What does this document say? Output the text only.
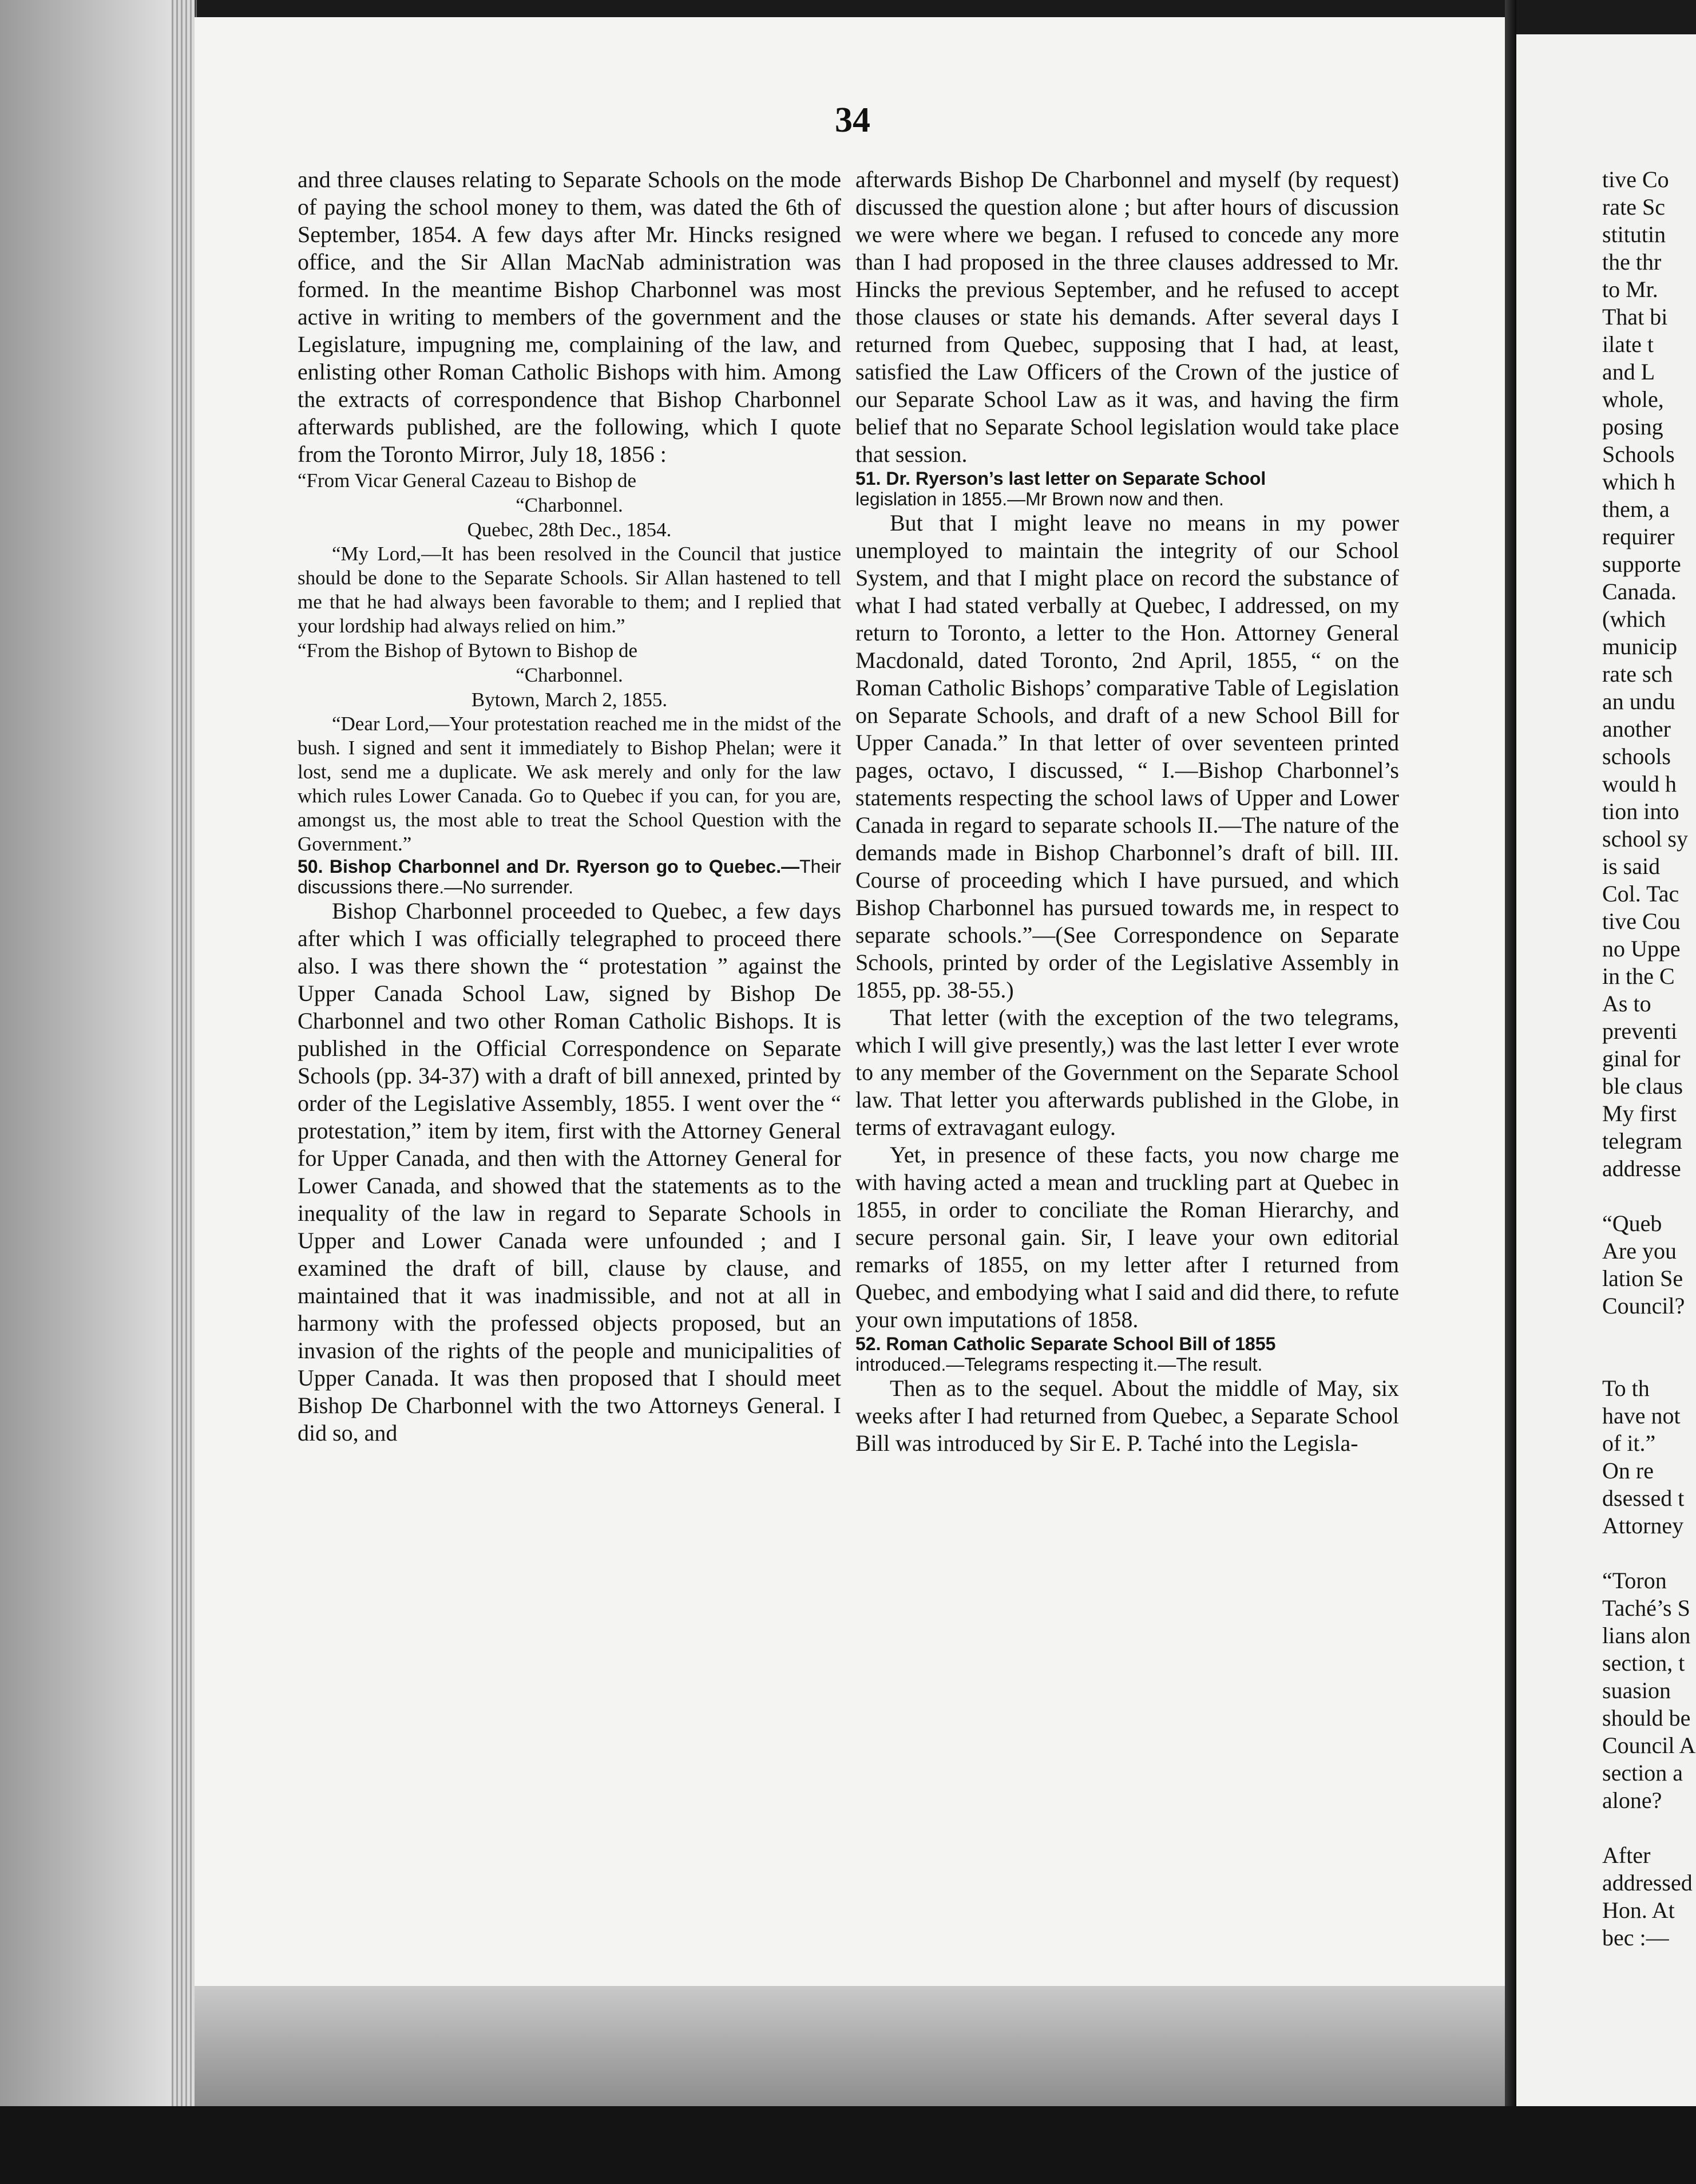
34

and three clauses relating to Separate Schools on the mode of paying the school money to them, was dated the 6th of September, 1854. A few days after Mr. Hincks resigned office, and the Sir Allan MacNab administration was formed. In the meantime Bishop Charbonnel was most active in writing to members of the government and the Legislature, impugning me, complaining of the law, and enlisting other Roman Catholic Bishops with him. Among the extracts of correspondence that Bishop Charbonnel afterwards published, are the following, which I quote from the Toronto Mirror, July 18, 1856 :

“From Vicar General Cazeau to Bishop de

“Charbonnel.

Quebec, 28th Dec., 1854.

“My Lord,—It has been resolved in the Council that justice should be done to the Separate Schools. Sir Allan hastened to tell me that he had always been favorable to them; and I replied that your lordship had always relied on him.”

“From the Bishop of Bytown to Bishop de

“Charbonnel.

Bytown, March 2, 1855.

“Dear Lord,—Your protestation reached me in the midst of the bush. I signed and sent it immediately to Bishop Phelan; were it lost, send me a duplicate. We ask merely and only for the law which rules Lower Canada. Go to Quebec if you can, for you are, amongst us, the most able to treat the School Question with the Government.”

50. Bishop Charbonnel and Dr. Ryerson go to Quebec.—Their discussions there.—No surrender.

Bishop Charbonnel proceeded to Quebec, a few days after which I was officially telegraphed to proceed there also. I was there shown the “ protestation ” against the Upper Canada School Law, signed by Bishop De Charbonnel and two other Roman Catholic Bishops. It is published in the Official Correspondence on Separate Schools (pp. 34-37) with a draft of bill annexed, printed by order of the Legislative Assembly, 1855. I went over the “ protestation,” item by item, first with the Attorney General for Upper Canada, and then with the Attorney General for Lower Canada, and showed that the statements as to the inequality of the law in regard to Separate Schools in Upper and Lower Canada were unfounded ; and I examined the draft of bill, clause by clause, and maintained that it was inadmissible, and not at all in harmony with the professed objects proposed, but an invasion of the rights of the people and municipalities of Upper Canada. It was then proposed that I should meet Bishop De Charbonnel with the two Attorneys General. I did so, and

afterwards Bishop De Charbonnel and myself (by request) discussed the question alone ; but after hours of discussion we were where we began. I refused to concede any more than I had proposed in the three clauses addressed to Mr. Hincks the previous September, and he refused to accept those clauses or state his demands. After several days I returned from Quebec, supposing that I had, at least, satisfied the Law Officers of the Crown of the justice of our Separate School Law as it was, and having the firm belief that no Separate School legislation would take place that session.

51. Dr. Ryerson’s last letter on Separate School
legislation in 1855.—Mr Brown now and then.

But that I might leave no means in my power unemployed to maintain the integrity of our School System, and that I might place on record the substance of what I had stated verbally at Quebec, I addressed, on my return to Toronto, a letter to the Hon. Attorney General Macdonald, dated Toronto, 2nd April, 1855, “ on the Roman Catholic Bishops’ comparative Table of Legislation on Separate Schools, and draft of a new School Bill for Upper Canada.” In that letter of over seventeen printed pages, octavo, I discussed, “ I.—Bishop Charbonnel’s statements respecting the school laws of Upper and Lower Canada in regard to separate schools II.—The nature of the demands made in Bishop Charbonnel’s draft of bill. III. Course of proceeding which I have pursued, and which Bishop Charbonnel has pursued towards me, in respect to separate schools.”—(See Correspondence on Separate Schools, printed by order of the Legislative Assembly in 1855, pp. 38-55.)

That letter (with the exception of the two telegrams, which I will give presently,) was the last letter I ever wrote to any member of the Government on the Separate School law. That letter you afterwards published in the Globe, in terms of extravagant eulogy.

Yet, in presence of these facts, you now charge me with having acted a mean and truckling part at Quebec in 1855, in order to conciliate the Roman Hierarchy, and secure personal gain. Sir, I leave your own editorial remarks of 1855, on my letter after I returned from Quebec, and embodying what I said and did there, to refute your own imputations of 1858.

52. Roman Catholic Separate School Bill of 1855
introduced.—Telegrams respecting it.—The result.

Then as to the sequel. About the middle of May, six weeks after I had returned from Quebec, a Separate School Bill was introduced by Sir E. P. Taché into the Legisla-

tive Co
rate Sc
stitutin
the thr
to Mr.
That bi
ilate t
and L
whole,
posing
Schools
which h
them, a
requirer
supporte
Canada.
(which
municip
rate sch
an undu
another
schools
would h
tion into
school sy
is said
Col. Tac
tive Cou
no Uppe
in the C
As to
preventi
ginal for
ble claus
My first
telegram
addresse
“Queb
Are you
lation Se
Council?
To th
have not
of it.”
On re
dsessed t
Attorney
“Toron
Taché’s S
lians alon
section, t
suasion
should be
Council A
section a
alone?
After
addressed
Hon. At
bec :—
